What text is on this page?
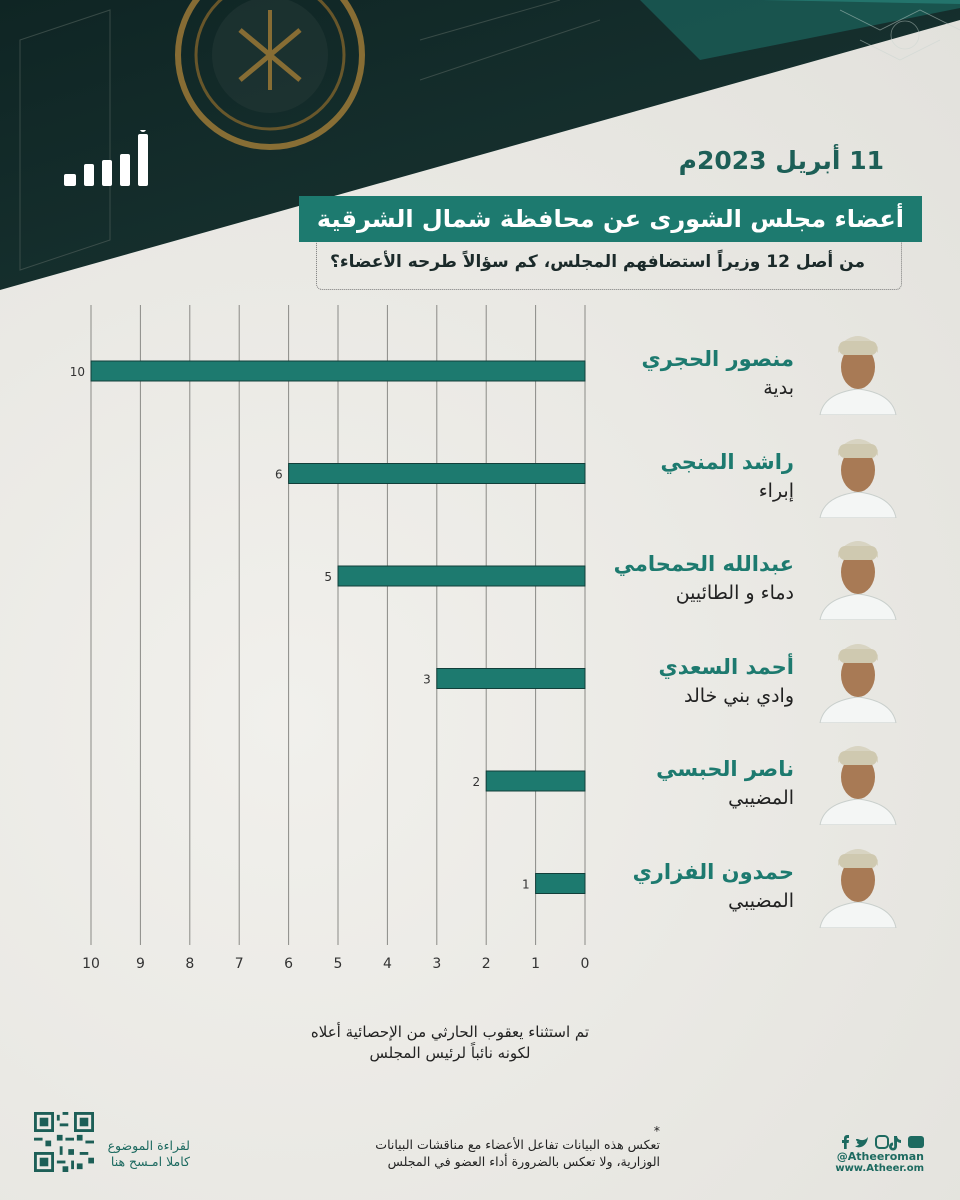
11 أبريل 2023م
أعضاء مجلس الشورى عن محافظة شمال الشرقية
من أصل 12 وزيراً استضافهم المجلس، كم سؤالاً طرحه الأعضاء؟
10
6
5
3
2
1
10	9	8	7	6	5	4	3	2	1	0
منصور الحجري
بدية
راشد المنجي
إبراء
عبدالله الحمحامي
دماء و الطائيين
أحمد السعدي
وادي بني خالد
ناصر الحبسي
المضيبي
حمدون الفزاري
المضيبي
تم استثناء يعقوب الحارثي من الإحصائية أعلاه
لكونه نائباً لرئيس المجلس
*
تعكس هذه البيانات تفاعل الأعضاء مع مناقشات البيانات
الوزارية، ولا تعكس بالضرورة أداء العضو في المجلس
لقراءة الموضوع
كاملا امـسح هنا	@Atheeroman
www.Atheer.om
